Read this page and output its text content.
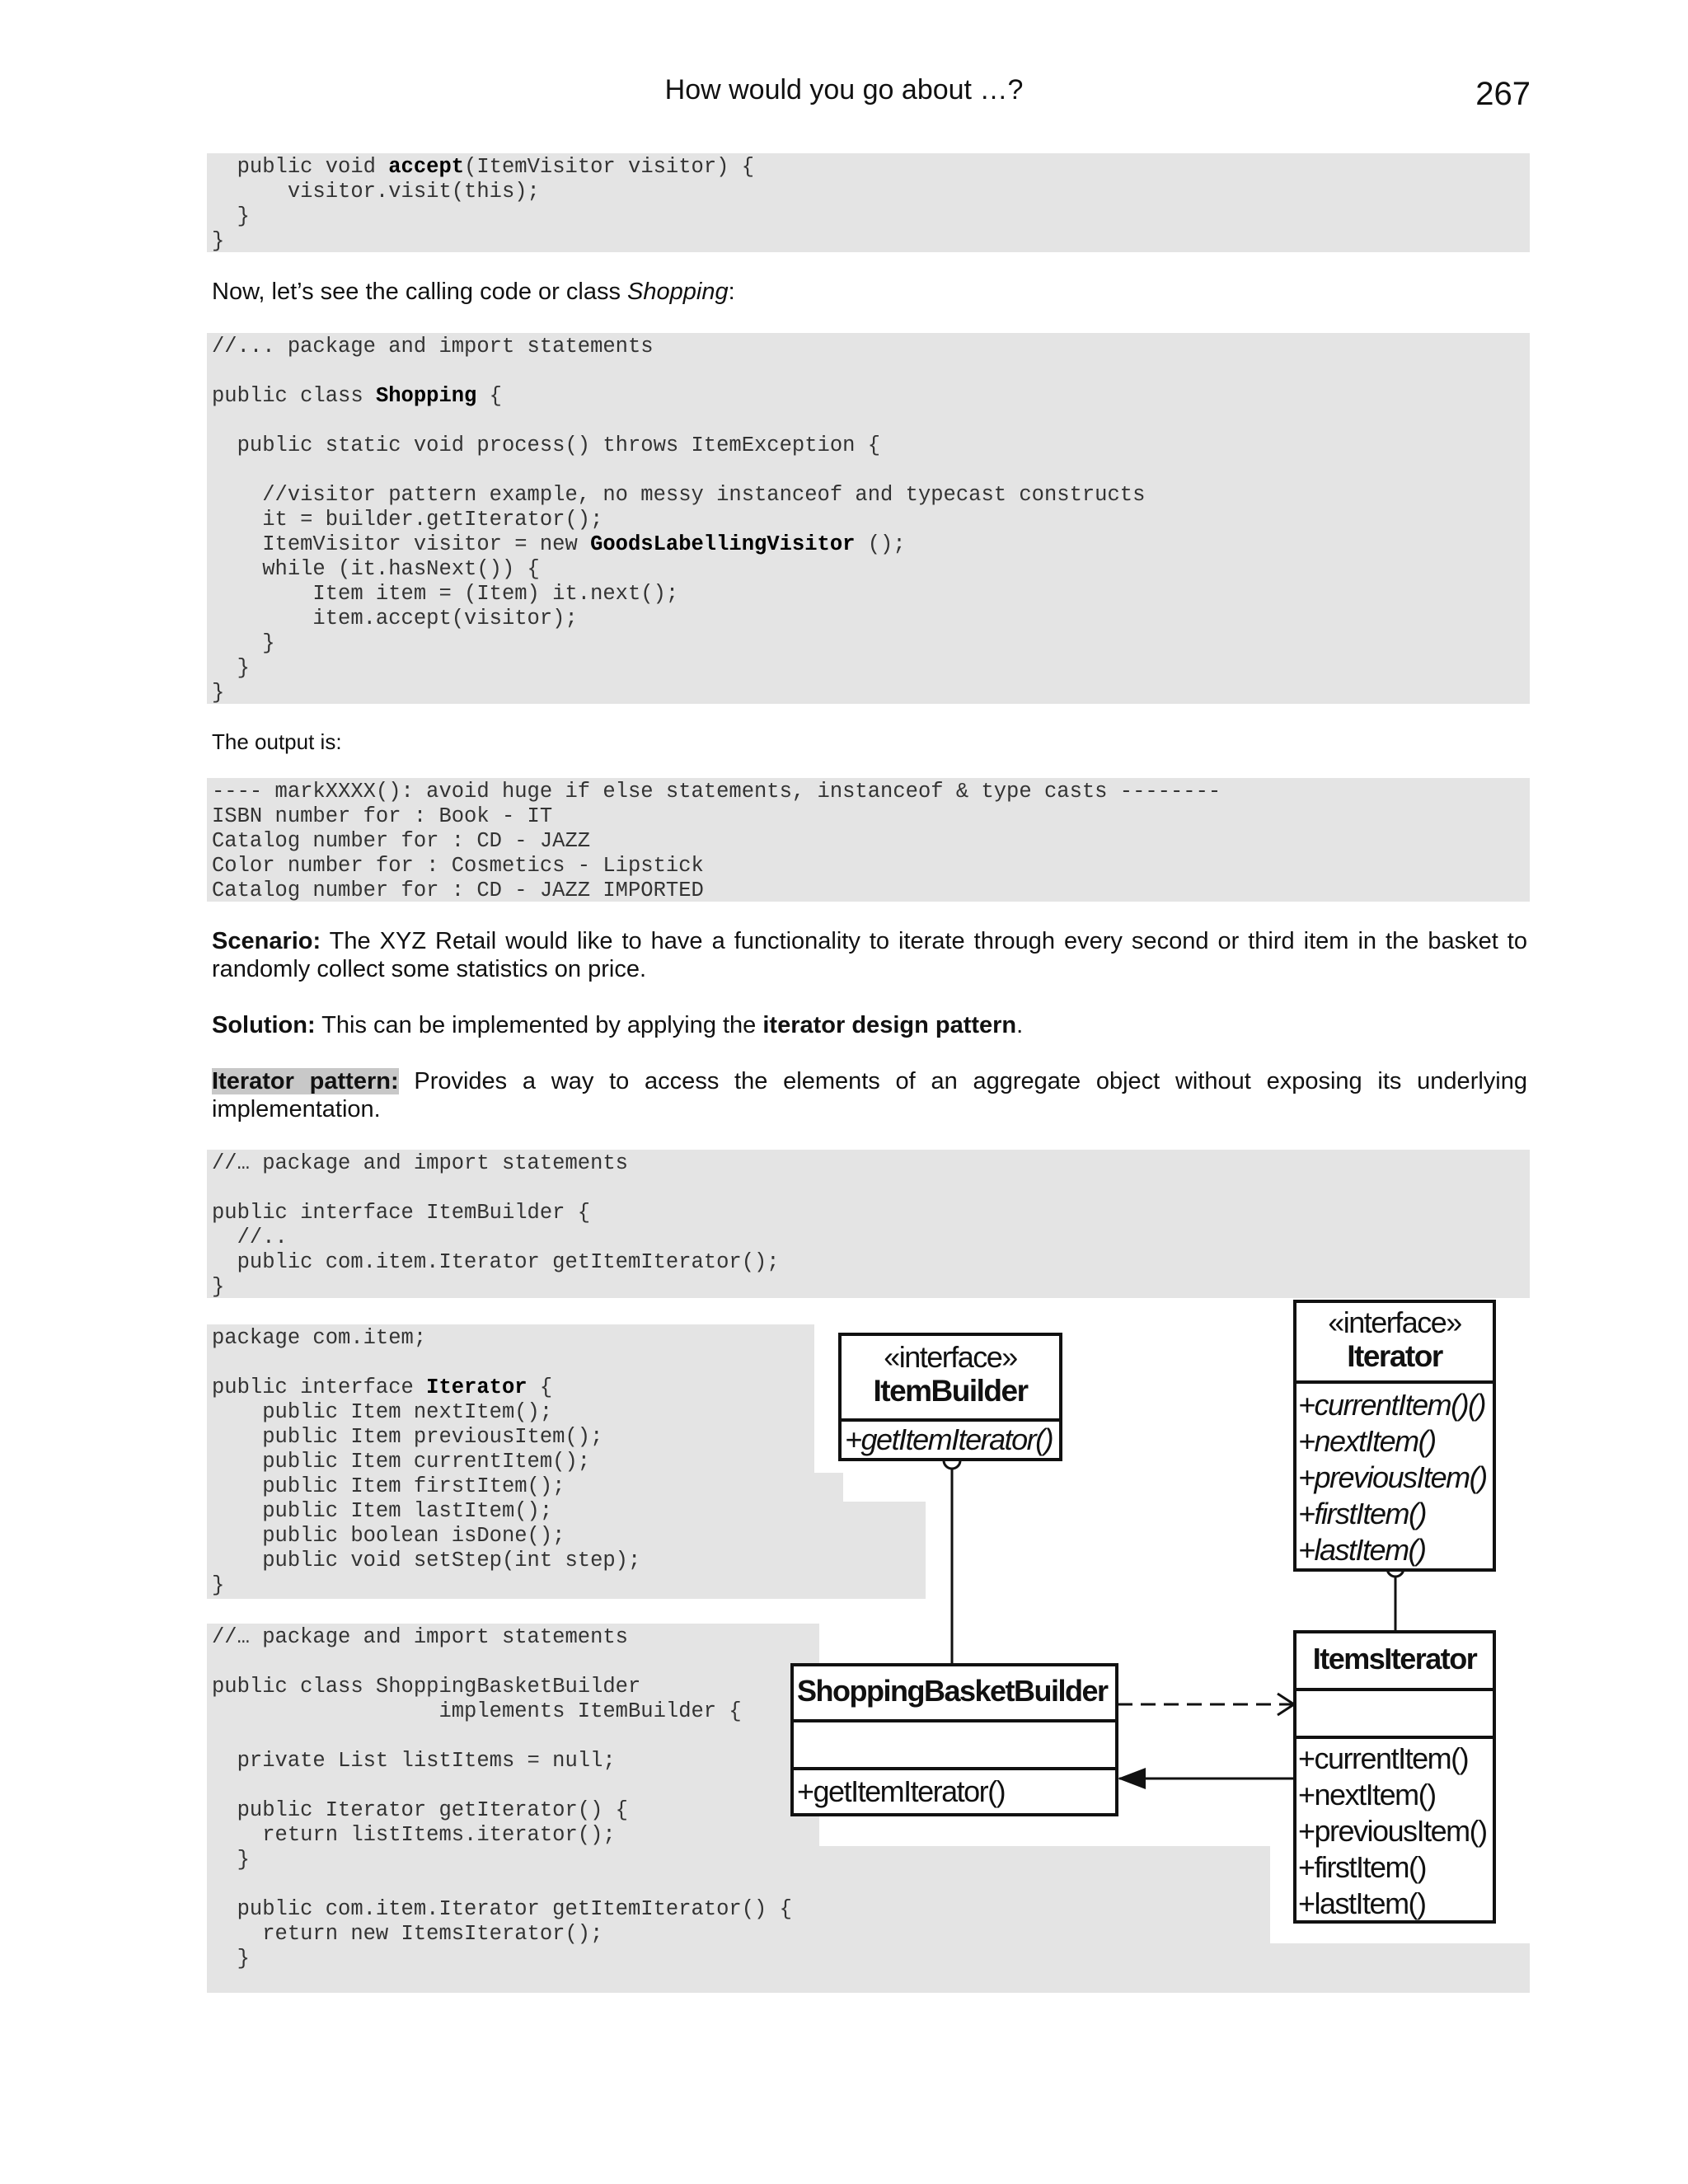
How would you go about …?	267
public void accept(ItemVisitor visitor) {
visitor.visit(this);
}
}
Now, let’s see the calling code or class Shopping:
//... package and import statements
public class Shopping {
public static void process() throws ItemException {
//visitor pattern example, no messy instanceof and typecast constructs
it = builder.getIterator();
ItemVisitor visitor = new GoodsLabellingVisitor ();
while (it.hasNext()) {
Item item = (Item) it.next();
item.accept(visitor);
}
}
}
The output is:
---- markXXXX(): avoid huge if else statements, instanceof & type casts --------
ISBN number for : Book - IT
Catalog number for : CD - JAZZ
Color number for : Cosmetics - Lipstick
Catalog number for : CD - JAZZ IMPORTED
Scenario: The XYZ Retail would like to have a functionality to iterate through every second or third item in the basket to randomly collect some statistics on price.
Solution: This can be implemented by applying the iterator design pattern.
Iterator pattern: Provides a way to access the elements of an aggregate object without exposing its underlying implementation.
//… package and import statements
public interface ItemBuilder {
//..
public com.item.Iterator getItemIterator();
}
package com.item;
public interface Iterator {
public Item nextItem();
public Item previousItem();
public Item currentItem();
public Item firstItem();
public Item lastItem();
public boolean isDone();
public void setStep(int step);
}
//… package and import statements
public class ShoppingBasketBuilder
implements ItemBuilder {
private List listItems = null;
public Iterator getIterator() {
return listItems.iterator();
}
public com.item.Iterator getItemIterator() {
return new ItemsIterator();
}
«interface»
ItemBuilder
+getItemIterator()
«interface»
Iterator
+currentItem()()
+nextItem()
+previousItem()
+firstItem()
+lastItem()
ShoppingBasketBuilder
+getItemIterator()
ItemsIterator
+currentItem()
+nextItem()
+previousItem()
+firstItem()
+lastItem()
